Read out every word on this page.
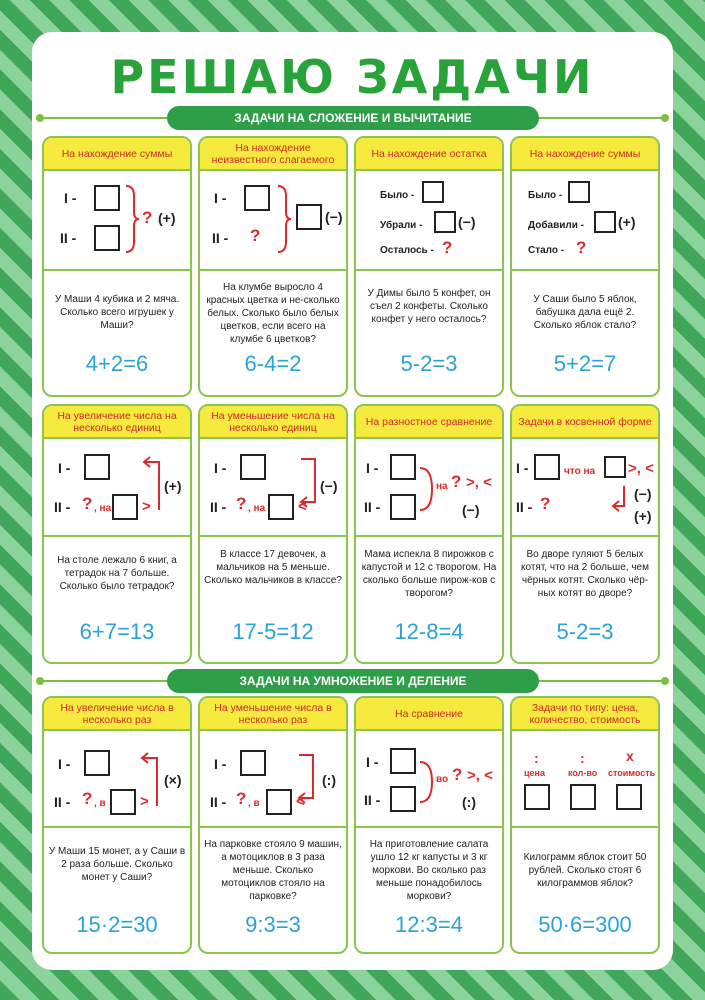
РЕШАЮ ЗАДАЧИ
ЗАДАЧИ НА СЛОЖЕНИЕ И ВЫЧИТАНИЕ
ЗАДАЧИ НА УМНОЖЕНИЕ И ДЕЛЕНИЕ
На нахождение суммы
I -
II -
? (+)
У Маши 4 кубика и 2 мяча. Сколько всего игрушек у Маши?
4+2=6
На нахождение неизвестного слагаемого
I -
II - ?
(−)
На клумбе выросло 4 красных цветка и не-сколько белых. Сколько было белых цветков, если всего на клумбе 6 цветков?
6-4=2
На нахождение остатка
Было -
Убрали -	(−)
Осталось - ?
У Димы было 5 конфет, он съел 2 конфеты. Сколько конфет у него осталось?
5-2=3
На нахождение суммы
Было -
Добавили - (+)
Стало - ?
У Саши было 5 яблок, бабушка дала ещё 2. Сколько яблок стало?
5+2=7
На увеличение числа на несколько единиц
I -
II - ? , на >
(+)
На столе лежало 6 книг, а тетрадок на 7 больше. Сколько было тетрадок?
6+7=13
На уменьшение числа на несколько единиц
I -
II - ? , на <
(−)
В классе 17 девочек, а мальчиков на 5 меньше. Сколько мальчиков в классе?
17-5=12
На разностное сравнение
I -
II -
на ? >, <
(−)
Мама испекла 8 пирожков с капустой и 12 с творогом. На сколько больше пирож-ков с творогом?
12-8=4
Задачи в косвенной форме
I -	что на >, <
II - ?	(−)
(+)
Во дворе гуляют 5 белых котят, что на 2 больше, чем чёрных котят. Сколько чёр-ных котят во дворе?
5-2=3
На увеличение числа в несколько раз
I -
II - ? , в >
(×)
У Маши 15 монет, а у Саши в 2 раза больше. Сколько монет у Саши?
15·2=30
На уменьшение числа в несколько раз
I -
II - ? , в <
(:)
На парковке стояло 9 машин, а мотоциклов в 3 раза меньше. Сколько мотоциклов стояло на парковке?
9:3=3
На сравнение
I -
II -
в о ? >, <
(:)
На приготовление салата ушло 12 кг капусты и 3 кг моркови. Во сколько раз меньше понадобилось моркови?
12:3=4
Задачи по типу: цена, количество, стоимость
:	:	х
цена	кол-во стоимость
Килограмм яблок стоит 50 рублей. Сколько стоят 6 килограммов яблок?
50·6=300
